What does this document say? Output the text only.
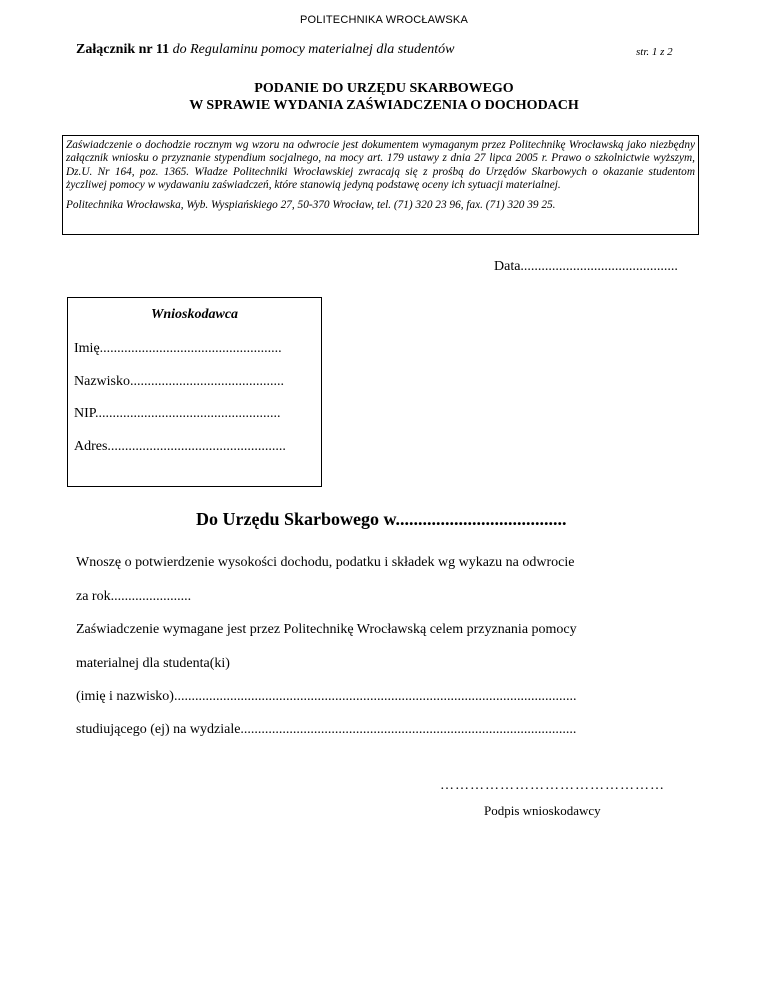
POLITECHNIKA WROCŁAWSKA
Załącznik nr 11 do Regulaminu pomocy materialnej dla studentów	str. 1 z 2
PODANIE DO URZĘDU SKARBOWEGO
W SPRAWIE WYDANIA ZAŚWIADCZENIA O DOCHODACH

Zaświadczenie o dochodzie rocznym wg wzoru na odwrocie jest dokumentem wymaganym przez Politechnikę Wrocławską jako niezbędny załącznik wniosku o przyznanie stypendium socjalnego, na mocy art. 179 ustawy z dnia 27 lipca 2005 r. Prawo o szkolnictwie wyższym, Dz.U. Nr 164, poz. 1365. Władze Politechniki Wrocławskiej zwracają się z prośbą do Urzędów Skarbowych o okazanie studentom życzliwej pomocy w wydawaniu zaświadczeń, które stanowią jedyną podstawę oceny ich sytuacji materialnej.

Politechnika Wrocławska, Wyb. Wyspiańskiego 27, 50-370 Wrocław, tel. (71) 320 23 96, fax. (71) 320 39 25.

Data.............................................
Wnioskodawca
Imię....................................................
Nazwisko............................................
NIP.....................................................
Adres...................................................
Do Urzędu Skarbowego w......................................
Wnoszę o potwierdzenie wysokości dochodu, podatku i składek wg wykazu na odwrocie
za rok.......................
Zaświadczenie wymagane jest przez Politechnikę Wrocławską celem przyznania pomocy
materialnej dla studenta(ki)
(imię i nazwisko)...................................................................................................................
studiującego (ej) na wydziale................................................................................................
………………………………………
Podpis wnioskodawcy
